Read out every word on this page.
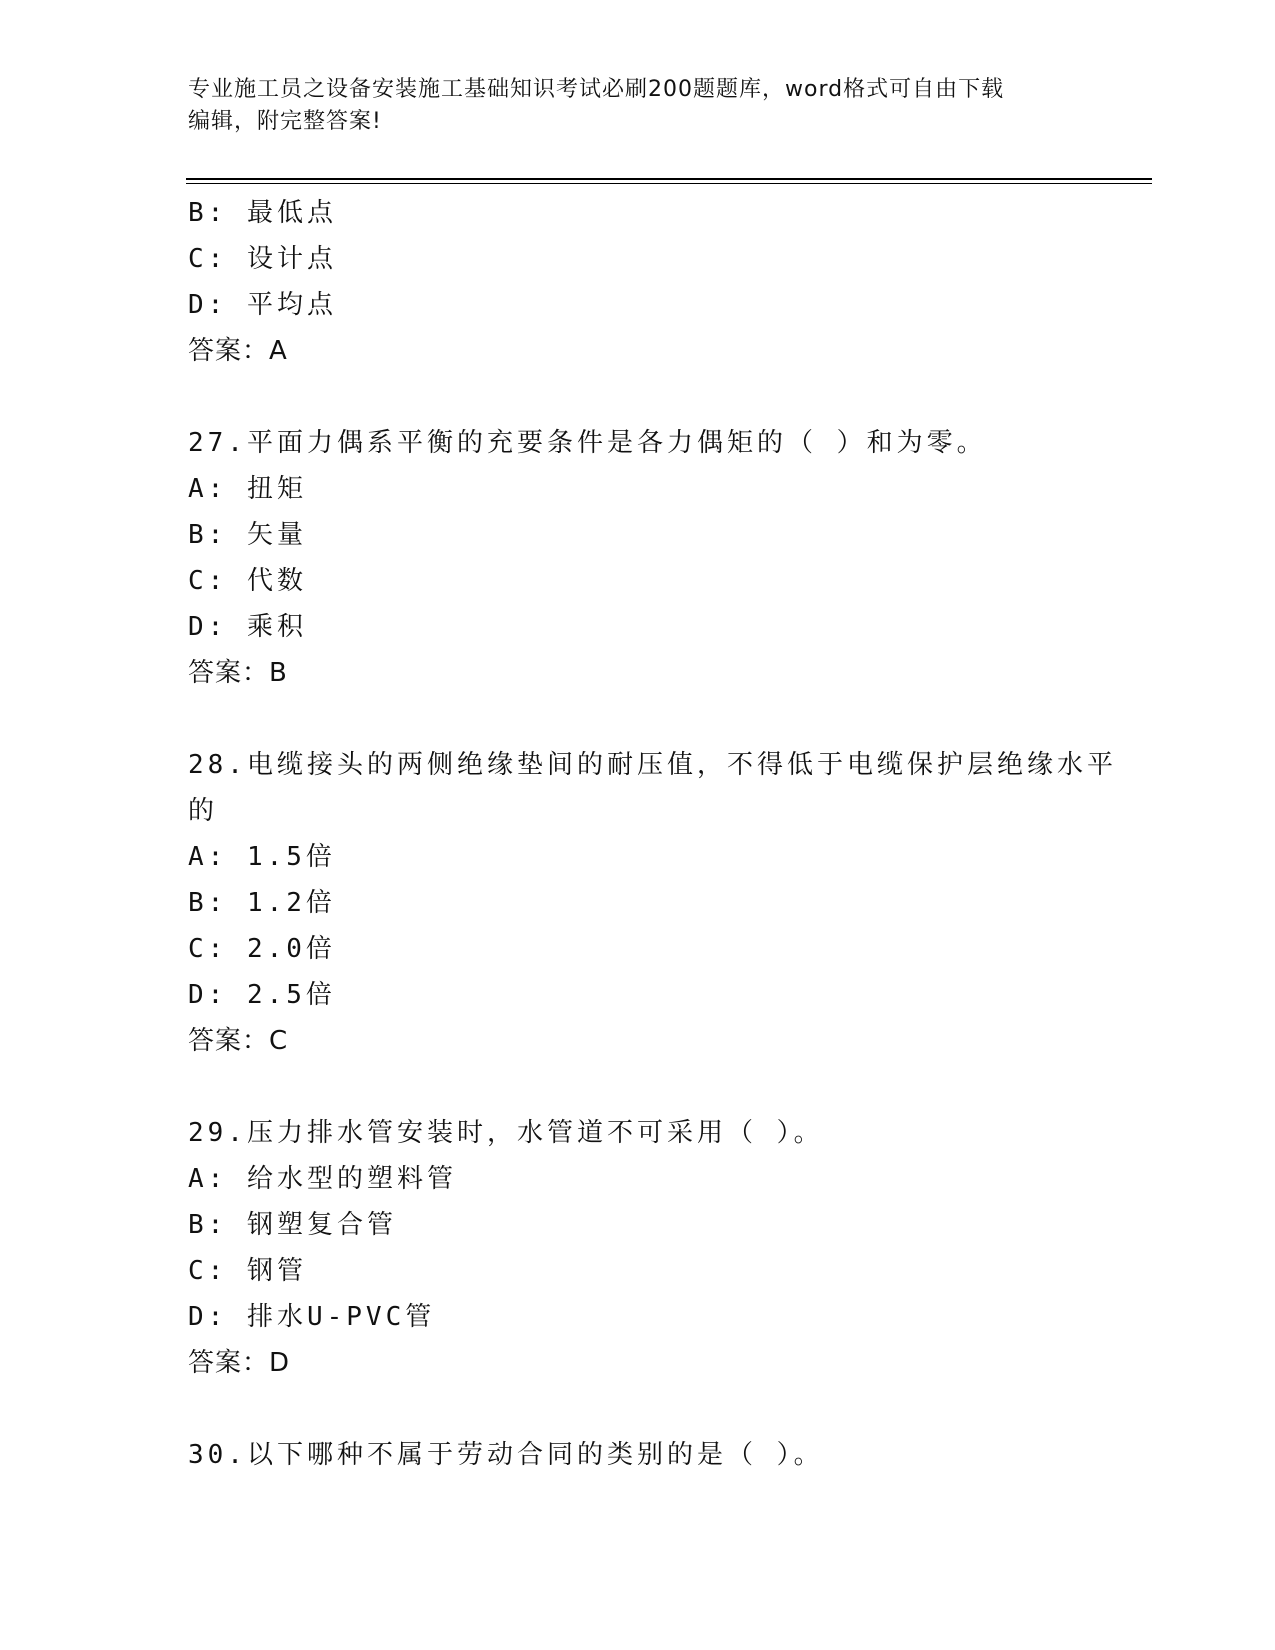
专业施工员之设备安装施工基础知识考试必刷200题题库，word格式可自由下载
编辑，附完整答案!
B: 最低点
C: 设计点
D: 平均点
答案：A
27.平面力偶系平衡的充要条件是各力偶矩的（ ）和为零。
A: 扭矩
B: 矢量
C: 代数
D: 乘积
答案：B
28.电缆接头的两侧绝缘垫间的耐压值，不得低于电缆保护层绝缘水平
的
A: 1.5倍
B: 1.2倍
C: 2.0倍
D: 2.5倍
答案：C
29.压力排水管安装时，水管道不可采用（ ）。
A: 给水型的塑料管
B: 钢塑复合管
C: 钢管
D: 排水U-PVC管
答案：D
30.以下哪种不属于劳动合同的类别的是（ ）。
